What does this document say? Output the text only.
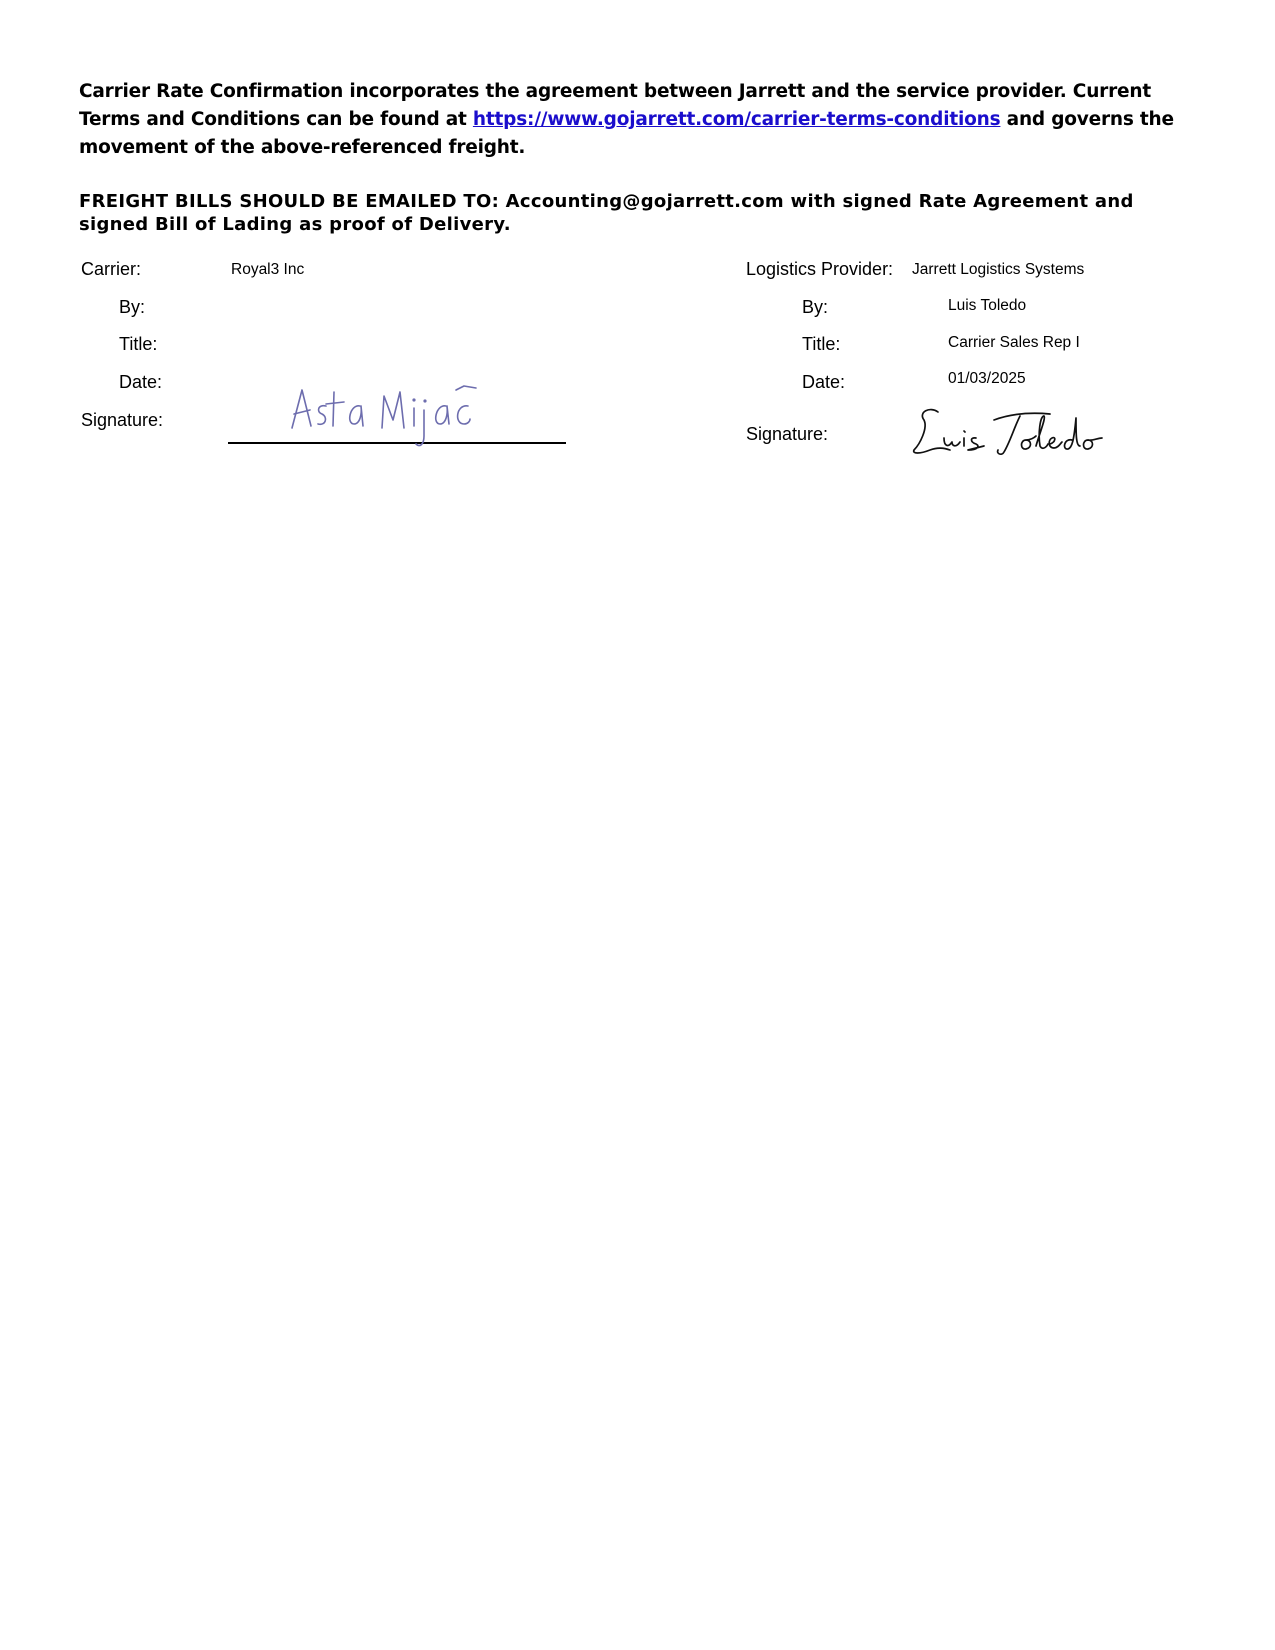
Carrier Rate Confirmation incorporates the agreement between Jarrett and the service provider. Current Terms and Conditions can be found at https://www.gojarrett.com/carrier-terms-conditions and governs the movement of the above-referenced freight.
FREIGHT BILLS SHOULD BE EMAILED TO: Accounting@gojarrett.com with signed Rate Agreement and signed Bill of Lading as proof of Delivery.
Carrier:	Royal3 Inc
By:
Title:
Date:
Signature:
Logistics Provider: Jarrett Logistics Systems
By:	Luis Toledo
Title:	Carrier Sales Rep I
Date:	01/03/2025
Signature:
